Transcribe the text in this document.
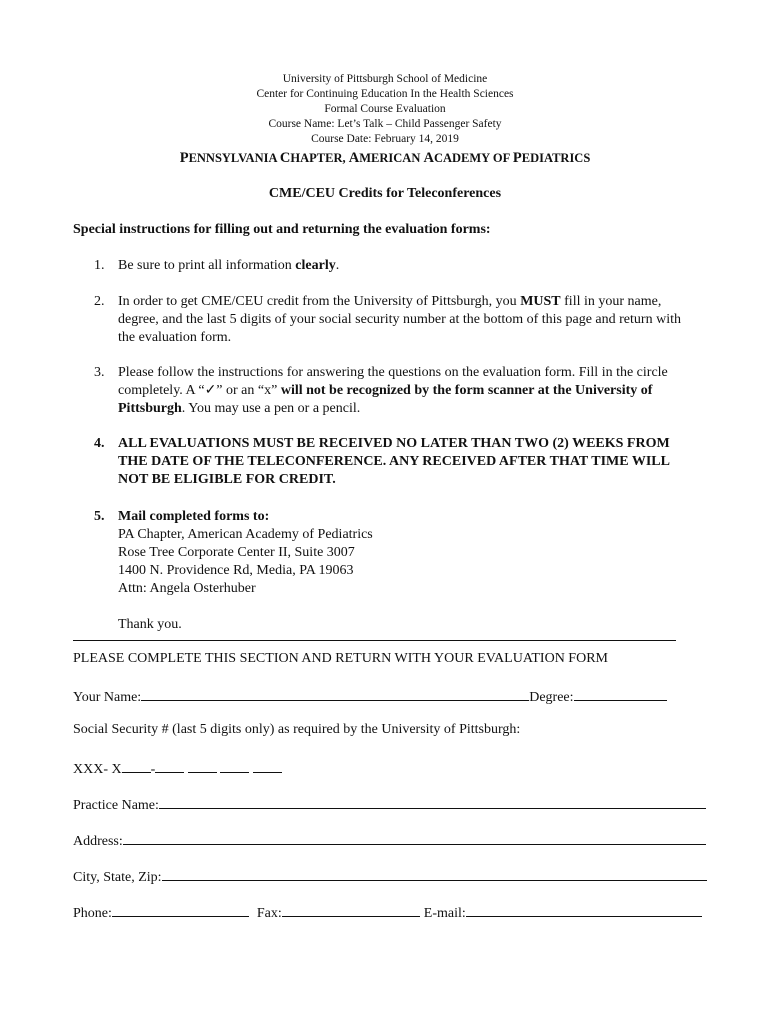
University of Pittsburgh School of Medicine
Center for Continuing Education In the Health Sciences
Formal Course Evaluation
Course Name: Let’s Talk – Child Passenger Safety
Course Date: February 14, 2019
PENNSYLVANIA CHAPTER, AMERICAN ACADEMY OF PEDIATRICS
CME/CEU Credits for Teleconferences
Special instructions for filling out and returning the evaluation forms:
1. Be sure to print all information clearly.
2. In order to get CME/CEU credit from the University of Pittsburgh, you MUST fill in your name, degree, and the last 5 digits of your social security number at the bottom of this page and return with the evaluation form.
3. Please follow the instructions for answering the questions on the evaluation form. Fill in the circle completely. A “✓” or an “x” will not be recognized by the form scanner at the University of Pittsburgh. You may use a pen or a pencil.
4. ALL EVALUATIONS MUST BE RECEIVED NO LATER THAN TWO (2) WEEKS FROM THE DATE OF THE TELECONFERENCE. ANY RECEIVED AFTER THAT TIME WILL NOT BE ELIGIBLE FOR CREDIT.
5. Mail completed forms to:
PA Chapter, American Academy of Pediatrics
Rose Tree Corporate Center II, Suite 3007
1400 N. Providence Rd, Media, PA 19063
Attn: Angela Osterhuber
Thank you.
PLEASE COMPLETE THIS SECTION AND RETURN WITH YOUR EVALUATION FORM
Your Name:	Degree:
Social Security # (last 5 digits only) as required by the University of Pittsburgh:
XXX- X -
Practice Name:
Address:
City, State, Zip:
Phone:	Fax:	E-mail:
